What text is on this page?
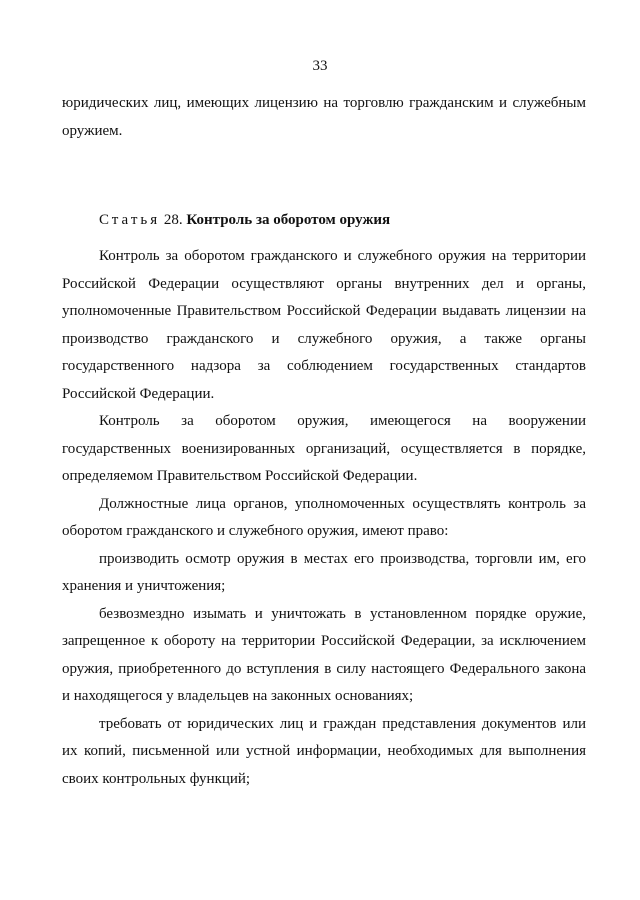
33

юридических лиц, имеющих лицензию на торговлю гражданским и служебным оружием.

Статья 28. Контроль за оборотом оружия

Контроль за оборотом гражданского и служебного оружия на территории Российской Федерации осуществляют органы внутренних дел и органы, уполномоченные Правительством Российской Федерации выдавать лицензии на производство гражданского и служебного оружия, а также органы государственного надзора за соблюдением государственных стандартов Российской Федерации.

Контроль за оборотом оружия, имеющегося на вооружении государственных военизированных организаций, осуществляется в порядке, определяемом Правительством Российской Федерации.

Должностные лица органов, уполномоченных осуществлять контроль за оборотом гражданского и служебного оружия, имеют право:

производить осмотр оружия в местах его производства, торговли им, его хранения и уничтожения;

безвозмездно изымать и уничтожать в установленном порядке оружие, запрещенное к обороту на территории Российской Федерации, за исключением оружия, приобретенного до вступления в силу настоящего Федерального закона и находящегося у владельцев на законных основаниях;

требовать от юридических лиц и граждан представления документов или их копий, письменной или устной информации, необходимых для выполнения своих контрольных функций;
